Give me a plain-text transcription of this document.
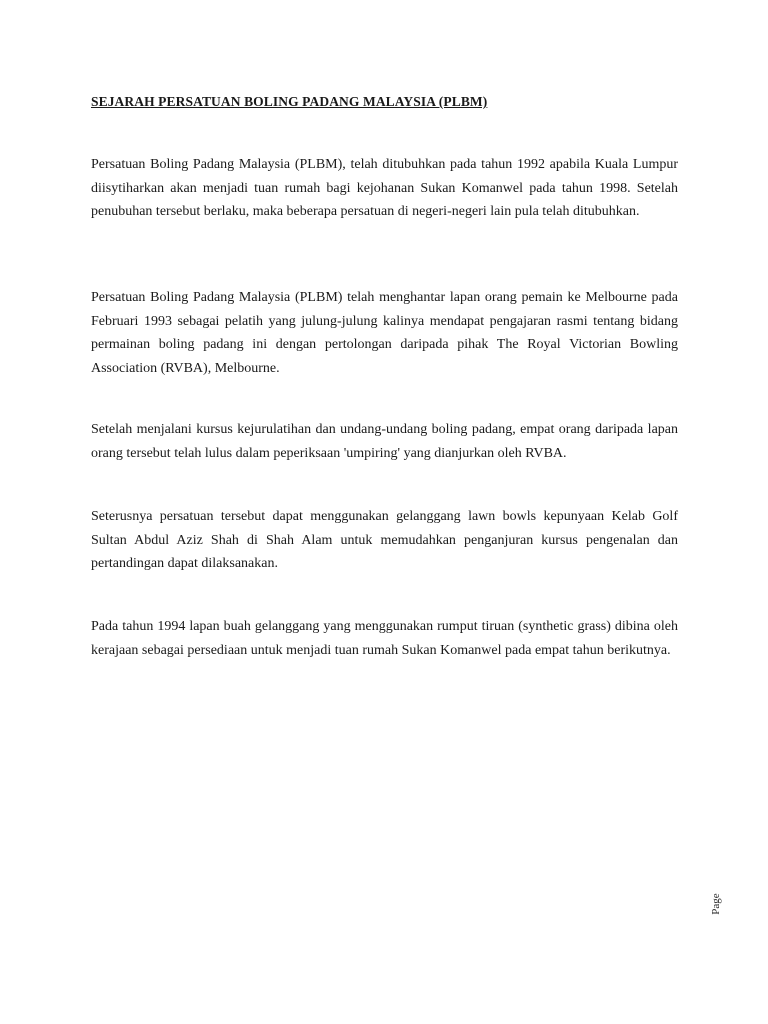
SEJARAH PERSATUAN BOLING PADANG MALAYSIA (PLBM)

Persatuan Boling Padang Malaysia (PLBM), telah ditubuhkan pada tahun 1992 apabila Kuala Lumpur diisytiharkan akan menjadi tuan rumah bagi kejohanan Sukan Komanwel pada tahun 1998. Setelah penubuhan tersebut berlaku, maka beberapa persatuan di negeri-negeri lain pula telah ditubuhkan.

Persatuan Boling Padang Malaysia (PLBM) telah menghantar lapan orang pemain ke Melbourne pada Februari 1993 sebagai pelatih yang julung-julung kalinya mendapat pengajaran rasmi tentang bidang permainan boling padang ini dengan pertolongan daripada pihak The Royal Victorian Bowling Association (RVBA), Melbourne.

Setelah menjalani kursus kejurulatihan dan undang-undang boling padang, empat orang daripada lapan orang tersebut telah lulus dalam peperiksaan 'umpiring' yang dianjurkan oleh RVBA.

Seterusnya persatuan tersebut dapat menggunakan gelanggang lawn bowls kepunyaan Kelab Golf Sultan Abdul Aziz Shah di Shah Alam untuk memudahkan penganjuran kursus pengenalan dan pertandingan dapat dilaksanakan.

Pada tahun 1994 lapan buah gelanggang yang menggunakan rumput tiruan (synthetic grass) dibina oleh kerajaan sebagai persediaan untuk menjadi tuan rumah Sukan Komanwel pada empat tahun berikutnya.

Page
